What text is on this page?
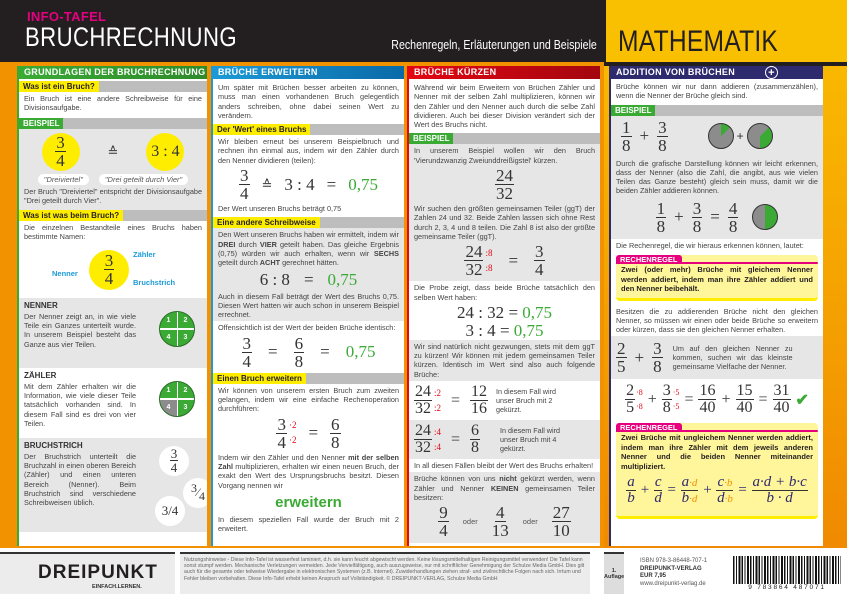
INFO-TAFEL
BRUCHRECHNUNG	Rechenregeln, Erläuterungen und Beispiele MATHEMATIK
GRUNDLAGEN DER BRUCHRECHNUNG
Was ist ein Bruch?
Ein Bruch ist eine andere Schreibweise für eine Divisionsaufgabe.
BEISPIEL
$\frac{3}{4}$	≙ 3 : 4
"Dreiviertel"	"Drei geteilt durch Vier"
Der Bruch "Dreiviertel" entspricht der Divisionsaufgabe "Drei geteilt durch Vier".
Was ist was beim Bruch?
Die einzelnen Bestandteile eines Bruchs haben bestimmte Namen:
$\frac{3}{4}$	Zähler
Nenner
Bruchstrich
NENNER
Der Nenner zeigt an, in wie viele Teile ein Ganzes unterteilt wurde. In unserem Beispiel besteht das Ganze aus vier Teilen.
1	2
4	3
ZÄHLER
Mit dem Zähler erhalten wir die Information, wie viele dieser Teile tatsächlich vorhanden sind. In diesem Fall sind es drei von vier Teilen.
1	2
4	3
BRUCHSTRICH
Der Bruchstrich unterteilt die Bruchzahl in einen oberen Bereich (Zähler) und einen unteren Bereich (Nenner). Beim Bruchstrich sind verschiedene Schreibweisen üblich.
$\frac{3}{4}$
3 ⁄ 4
3/4
BRÜCHE ERWEITERN
Um später mit Brüchen besser arbeiten zu können, muss man einen vorhandenen Bruch gelegentlich anders schreiben, ohne dabei seinen Wert zu verändern.
Der 'Wert' eines Bruchs
Wir bleiben erneut bei unserem Beispielbruch und rechnen ihn einmal aus, indem wir den Zähler durch den Nenner dividieren (teilen):
$\frac{3}{4}$ ≙ 3 : 4 = 0,75
Der Wert unseren Bruchs beträgt 0,75
Eine andere Schreibweise
Den Wert unseren Bruchs haben wir ermittelt, indem wir DREI durch VIER geteilt haben. Das gleiche Ergebnis (0,75) würden wir auch erhalten, wenn wir SECHS geteilt durch ACHT gerechnet hätten.
6 : 8 = 0,75
Auch in diesem Fall beträgt der Wert des Bruchs 0,75. Diesen Wert hatten wir auch schon in unserem Beispiel errechnet.
Offensichtlich ist der Wert der beiden Brüche identisch:
$\frac{3}{4} = \frac{6}{8} = 0,75$
Einen Bruch erweitern
Wir können von unserem ersten Bruch zum zweiten gelangen, indem wir eine einfache Rechenoperation durchführen:
$\frac{3}{4} \cdot 2$
$\cdot 2 = \frac{6}{8}$
Indem wir den Zähler und den Nenner mit der selben Zahl multiplizieren, erhalten wir einen neuen Bruch, der exakt den Wert des Ursprungsbruchs besitzt. Diesen Vorgang nennen wir
erweitern
In diesem speziellen Fall wurde der Bruch mit 2 erweitert.
BRÜCHE KÜRZEN
Während wir beim Erweitern von Brüchen Zähler und Nenner mit der selben Zahl multiplizieren, können wir den Zähler und den Nenner auch durch die selbe Zahl dividieren. Auch bei dieser Division verändert sich der Wert des Bruchs nicht.
BEISPIEL
In unserem Beispiel wollen wir den Bruch 'Vierundzwanzig Zweiunddreißigstel' kürzen.
$\frac{24}{32}$
Wir suchen den größten gemeinsamen Teiler (ggT) der Zahlen 24 und 32. Beide Zahlen lassen sich ohne Rest durch 2, 3, 4 und 8 teilen. Die Zahl 8 ist also der größte gemeinsame Teiler (ggT).
$\frac{24}{32}$ :8
:8 = $\frac{3}{4}$
Die Probe zeigt, dass beide Brüche tatsächlich den selben Wert haben:
24 : 32 = 0,75
3 : 4 = 0,75
Wir sind natürlich nicht gezwungen, stets mit dem ggT zu kürzen! Wir können mit jedem gemeinsamen Teiler kürzen. Identisch im Wert sind also auch folgende Brüche:
$\frac{24}{32}$ :2
:2 = $\frac{12}{16}$ In diesem Fall wird unser Bruch mit 2 gekürzt.
$\frac{24}{32}$ :4
:4 = $\frac{6}{8}$	In diesem Fall wird unser Bruch mit 4 gekürzt.
In all diesen Fällen bleibt der Wert des Bruchs erhalten!
Brüche können von uns nicht gekürzt werden, wenn Zähler und Nenner KEINEN gemeinsamen Teiler besitzen:
$\frac{9}{4}$ oder $\frac{4}{13}$ oder $\frac{27}{10}$
ADDITION VON BRÜCHEN	+
Brüche können wir nur dann addieren (zusammenzählen), wenn die Nenner der Brüche gleich sind.
BEISPIEL
$\frac{1}{8} + \frac{3}{8}$	+
Durch die grafische Darstellung können wir leicht erkennen, dass der Nenner (also die Zahl, die angibt, aus wie vielen Teilen das Ganze besteht) gleich sein muss, damit wir die beiden Zähler addieren können.
$\frac{1}{8} + \frac{3}{8} = \frac{4}{8}$
Die Rechenregel, die wir hieraus erkennen können, lautet:
RECHENREGEL
Zwei (oder mehr) Brüche mit gleichem Nenner werden addiert, indem man ihre Zähler addiert und den Nenner beibehält.
Besitzen die zu addierenden Brüche nicht den gleichen Nenner, so müssen wir einen oder beide Brüche so erweitern oder kürzen, dass sie den gleichen Nenner erhalten.
$\frac{2}{5} + \frac{3}{8}$ Um auf den gleichen Nenner zu kommen, suchen wir das kleinste gemeinsame Vielfache der Nenner.
$\frac{2}{5} \cdot 8$
$\cdot 8 + \frac{3}{8} \cdot 5$
$\cdot 5 = \frac{16}{40} + \frac{15}{40} = \frac{31}{40}$ ✔
RECHENREGEL
Zwei Brüche mit ungleichem Nenner werden addiert, indem man ihre Zähler mit dem jeweils anderen Nenner und die beiden Nenner miteinander multipliziert.
$\frac{a}{b} + \frac{c}{d} = \frac{a\cdot d}{b\cdot d} + \frac{c\cdot b}{d\cdot b} = \frac{a\cdot d + b\cdot c}{b \cdot d}$
DREIPUNKT
EINFACH.LERNEN.
Nutzungshinweise - Diese Info-Tafel ist wasserfest laminiert, d.h. sie kann feucht abgewischt werden. Keine lösungsmittelhaltigen Reinigungsmittel verwenden! Die Tafel kann sonst stumpf werden. Mechanische Verletzungen vermeiden. Jede Vervielfältigung, auch auszugsweise, nur mit schriftlicher Genehmigung der Schulze Media GmbH. Dies gilt auch für die gesamte oder teilweise Wiedergabe in elektronischen Systemen (z.B. Internet). Zuwiderhandlungen ziehen straf- und zivilrechtliche Folgen nach sich. Irrtum und Fehler bleiben vorbehalten. Diese Info-Tafel erhebt keinen Anspruch auf Vollständigkeit. © DREIPUNKT-VERLAG, Schulze Media GmbH
1.
Auflage
ISBN 978-3-86448-707-1
DREIPUNKT-VERLAG
EUR 7,95
www.dreipunkt-verlag.de
9 783864 487071
